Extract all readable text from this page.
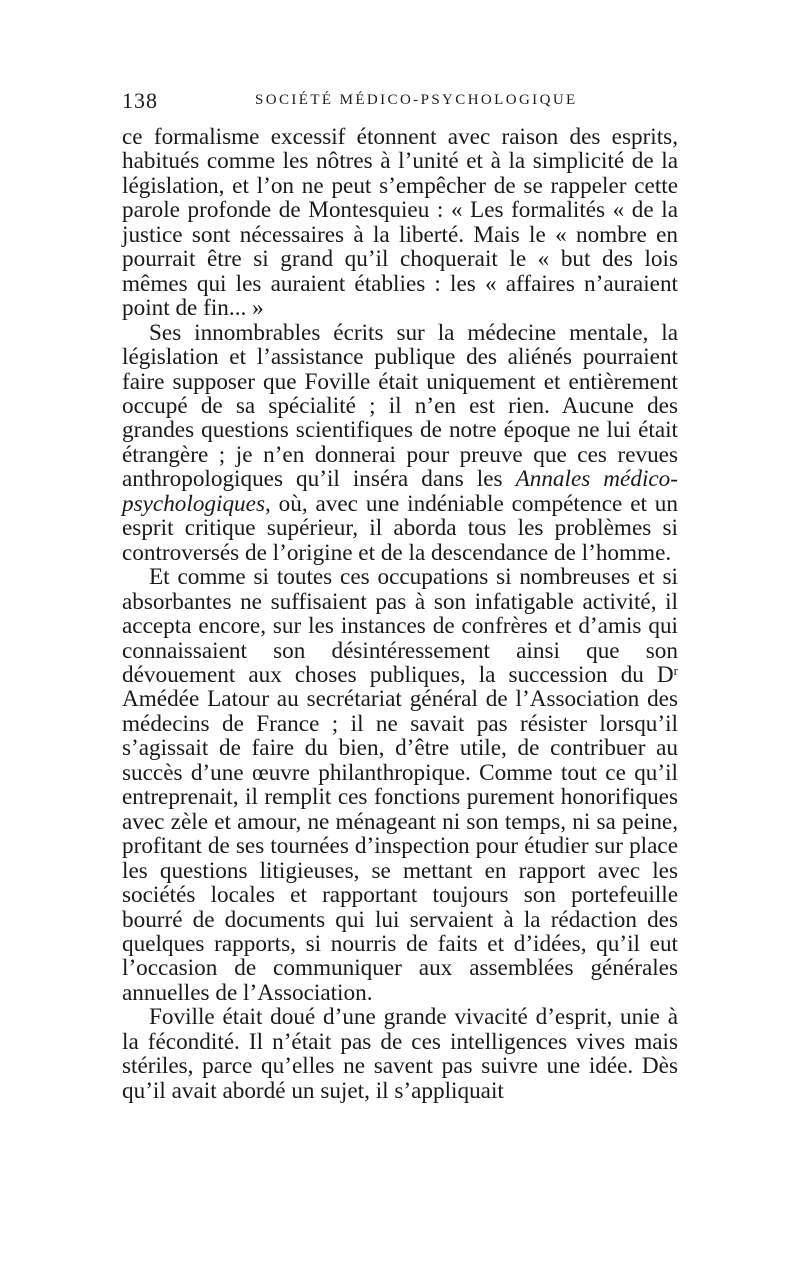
138	SOCIÉTÉ MÉDICO-PSYCHOLOGIQUE

ce formalisme excessif étonnent avec raison des esprits, habitués comme les nôtres à l’unité et à la simplicité de la législation, et l’on ne peut s’empêcher de se rappeler cette parole profonde de Montesquieu : « Les formalités « de la justice sont nécessaires à la liberté. Mais le « nombre en pourrait être si grand qu’il choquerait le « but des lois mêmes qui les auraient établies : les « affaires n’auraient point de fin... »

Ses innombrables écrits sur la médecine mentale, la législation et l’assistance publique des aliénés pourraient faire supposer que Foville était uniquement et entièrement occupé de sa spécialité ; il n’en est rien. Aucune des grandes questions scientifiques de notre époque ne lui était étrangère ; je n’en donnerai pour preuve que ces revues anthropologiques qu’il inséra dans les Annales médico-psychologiques, où, avec une indéniable compétence et un esprit critique supérieur, il aborda tous les problèmes si controversés de l’origine et de la descendance de l’homme.

Et comme si toutes ces occupations si nombreuses et si absorbantes ne suffisaient pas à son infatigable activité, il accepta encore, sur les instances de confrères et d’amis qui connaissaient son désintéressement ainsi que son dévouement aux choses publiques, la succession du $D^r$ Amédée Latour au secrétariat général de l’Association des médecins de France ; il ne savait pas résister lorsqu’il s’agissait de faire du bien, d’être utile, de contribuer au succès d’une œuvre philanthropique. Comme tout ce qu’il entreprenait, il remplit ces fonctions purement honorifiques avec zèle et amour, ne ménageant ni son temps, ni sa peine, profitant de ses tournées d’inspection pour étudier sur place les questions litigieuses, se mettant en rapport avec les sociétés locales et rapportant toujours son portefeuille bourré de documents qui lui servaient à la rédaction des quelques rapports, si nourris de faits et d’idées, qu’il eut l’occasion de communiquer aux assemblées générales annuelles de l’Association.

Foville était doué d’une grande vivacité d’esprit, unie à la fécondité. Il n’était pas de ces intelligences vives mais stériles, parce qu’elles ne savent pas suivre une idée. Dès qu’il avait abordé un sujet, il s’appliquait
